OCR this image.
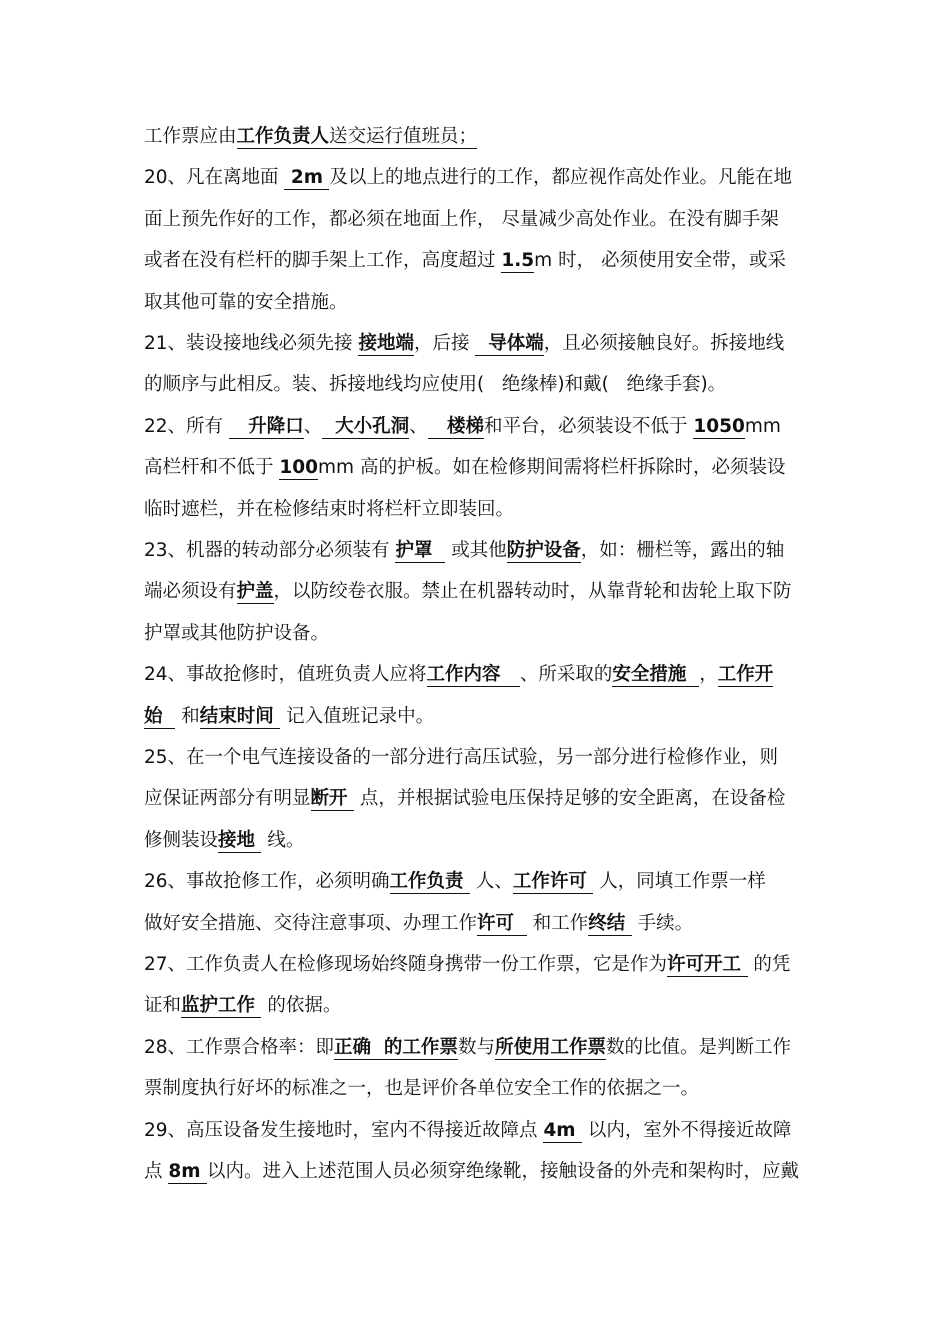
工作票应由工作负责人送交运行值班员；
20、凡在离地面  2m 及以上的地点进行的工作，都应视作高处作业。凡能在地
面上预先作好的工作，都必须在地面上作， 尽量减少高处作业。在没有脚手架
或者在没有栏杆的脚手架上工作，高度超过 1.5m 时， 必须使用安全带，或采
取其他可靠的安全措施。
21、装设接地线必须先接 接地端，后接   导体端，且必须接触良好。拆接地线
的顺序与此相反。装、拆接地线均应使用(   绝缘棒)和戴(   绝缘手套)。
22、所有    升降口、  大小孔洞、   楼梯和平台，必须装设不低于 1050mm
高栏杆和不低于 100mm 高的护板。如在检修期间需将栏杆拆除时，必须装设
临时遮栏，并在检修结束时将栏杆立即装回。
23、机器的转动部分必须装有 护罩   或其他防护设备，如：栅栏等，露出的轴
端必须设有护盖，以防绞卷衣服。禁止在机器转动时，从靠背轮和齿轮上取下防
护罩或其他防护设备。
24、事故抢修时，值班负责人应将工作内容   、所采取的安全措施  ，工作开
始   和结束时间  记入值班记录中。
25、在一个电气连接设备的一部分进行高压试验，另一部分进行检修作业，则
应保证两部分有明显断开  点，并根据试验电压保持足够的安全距离，在设备检
修侧装设接地  线。
26、事故抢修工作，必须明确工作负责  人、工作许可  人，同填工作票一样
做好安全措施、交待注意事项、办理工作许可   和工作终结  手续。
27、工作负责人在检修现场始终随身携带一份工作票，它是作为许可开工  的凭
证和监护工作  的依据。
28、工作票合格率：即正确  的工作票数与所使用工作票数的比值。是判断工作
票制度执行好坏的标准之一，也是评价各单位安全工作的依据之一。
29、高压设备发生接地时，室内不得接近故障点 4m  以内，室外不得接近故障
点 8m 以内。进入上述范围人员必须穿绝缘靴，接触设备的外壳和架构时，应戴
